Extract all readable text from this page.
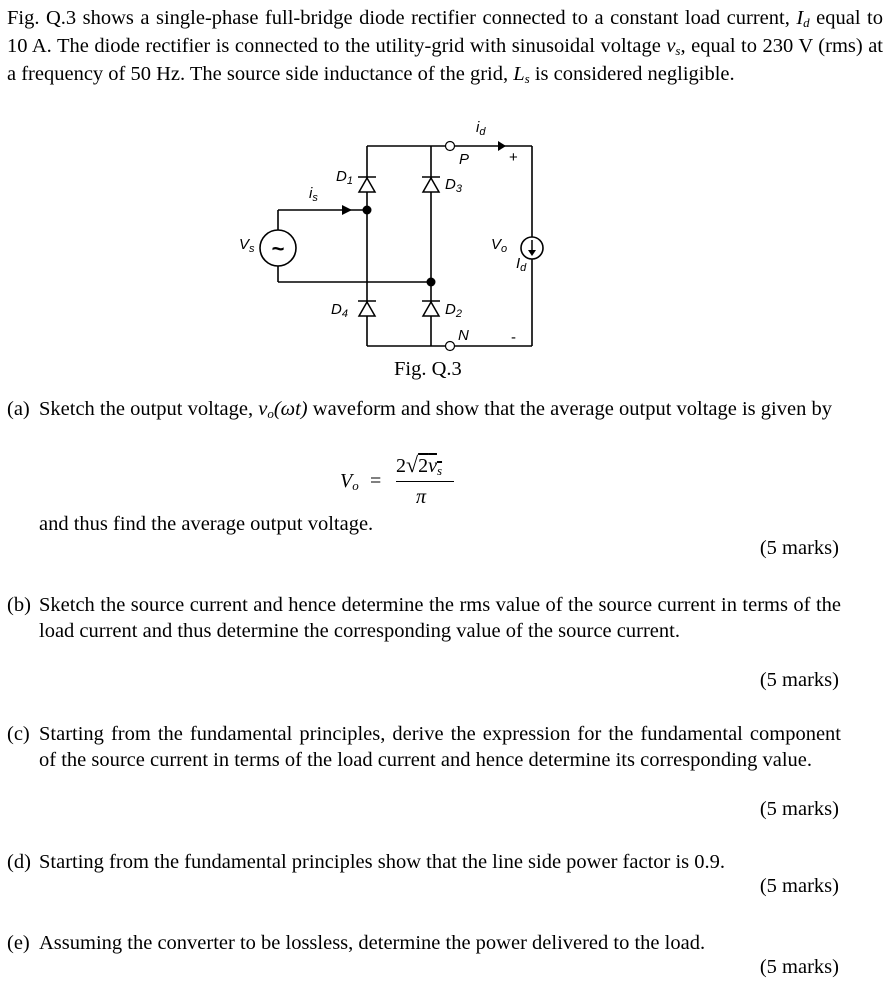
Fig. Q.3 shows a single-phase full-bridge diode rectifier connected to a constant load current, $I_d$ equal to 10 A. The diode rectifier is connected to the utility-grid with sinusoidal voltage $v_s$, equal to 230 V (rms) at a frequency of 50 Hz. The source side inductance of the grid, $L_s$ is considered negligible.

~
$i_d$
P
$D_1$	$D_3$
$i_s$
$V_s$	$V_o$
$I_d$
$D_4$	$D_2$
N
+
-
Fig. Q.3
(a) Sketch the output voltage, $v_o(\omega t)$ waveform and show that the average output voltage is given by
$V_o$ =
$2√2v_s$
π
and thus find the average output voltage.
(5 marks)
(b) Sketch the source current and hence determine the rms value of the source current in terms of the load current and thus determine the corresponding value of the source current.
(5 marks)
(c) Starting from the fundamental principles, derive the expression for the fundamental component of the source current in terms of the load current and hence determine its corresponding value.
(5 marks)
(d) Starting from the fundamental principles show that the line side power factor is 0.9.
(5 marks)
(e) Assuming the converter to be lossless, determine the power delivered to the load.
(5 marks)
